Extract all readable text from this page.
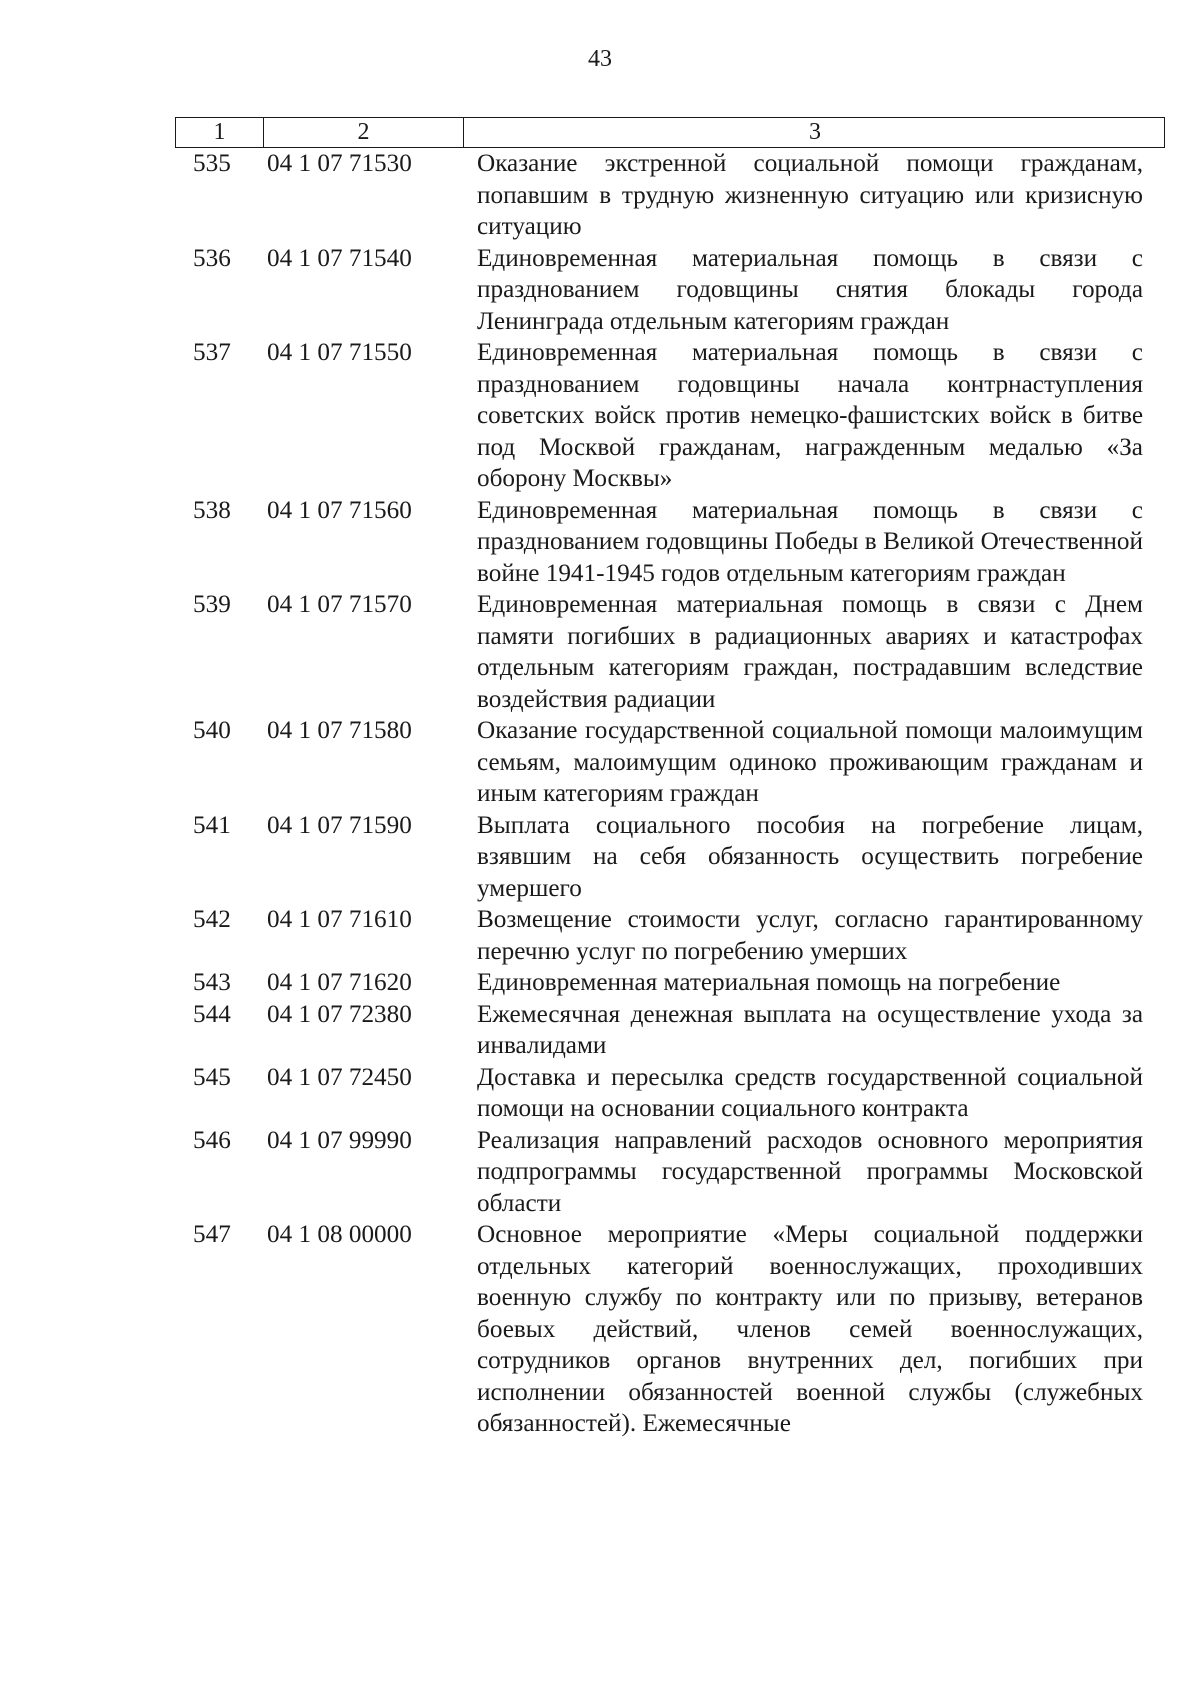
43
1	2	3
535	04 1 07 71530	Оказание экстренной социальной помощи гражданам, попавшим в трудную жизненную ситуацию или кризисную ситуацию
536	04 1 07 71540	Единовременная материальная помощь в связи с празднованием годовщины снятия блокады города Ленинграда отдельным категориям граждан
537	04 1 07 71550	Единовременная материальная помощь в связи с празднованием годовщины начала контрнаступления советских войск против немецко-фашистских войск в битве под Москвой гражданам, награжденным медалью «За оборону Москвы»
538	04 1 07 71560	Единовременная материальная помощь в связи с празднованием годовщины Победы в Великой Отечественной войне 1941-1945 годов отдельным категориям граждан
539	04 1 07 71570	Единовременная материальная помощь в связи с Днем памяти погибших в радиационных авариях и катастрофах отдельным категориям граждан, пострадавшим вследствие воздействия радиации
540	04 1 07 71580	Оказание государственной социальной помощи малоимущим семьям, малоимущим одиноко проживающим гражданам и иным категориям граждан
541	04 1 07 71590	Выплата социального пособия на погребение лицам, взявшим на себя обязанность осуществить погребение умершего
542	04 1 07 71610	Возмещение стоимости услуг, согласно гарантированному перечню услуг по погребению умерших
543	04 1 07 71620	Единовременная материальная помощь на погребение
544	04 1 07 72380	Ежемесячная денежная выплата на осуществление ухода за инвалидами
545	04 1 07 72450	Доставка и пересылка средств государственной социальной помощи на основании социального контракта
546	04 1 07 99990	Реализация направлений расходов основного мероприятия подпрограммы государственной программы Московской области
547	04 1 08 00000	Основное мероприятие «Меры социальной поддержки отдельных категорий военнослужащих, проходивших военную службу по контракту или по призыву, ветеранов боевых действий, членов семей военнослужащих, сотрудников органов внутренних дел, погибших при исполнении обязанностей военной службы (служебных обязанностей). Ежемесячные
